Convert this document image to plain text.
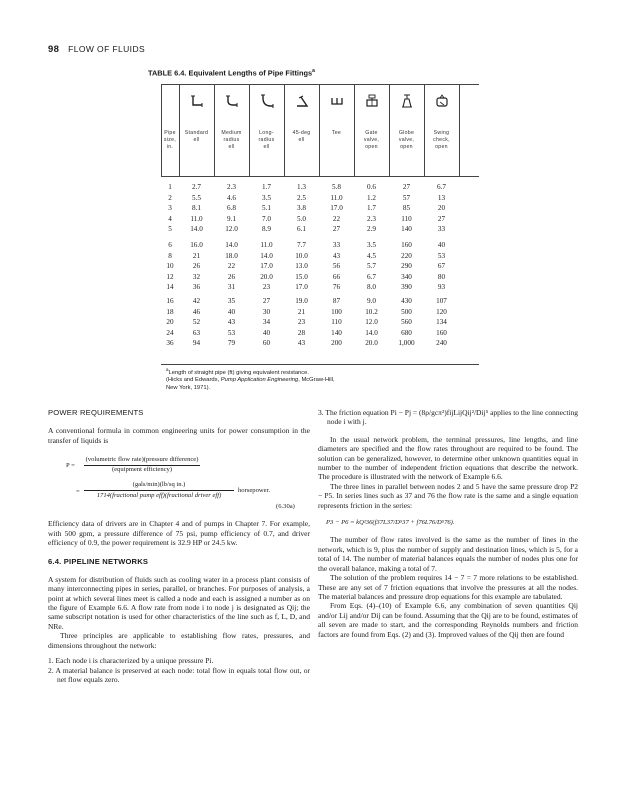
98 FLOW OF FLUIDS
TABLE 6.4. Equivalent Lengths of Pipe Fittings$^a$
Pipe
size,
in.
Standard
ell
Medium
radius
ell
Long-
radius
ell
45-deg
ell
Tee	Gate
valve,
open
Globe
valve,
open
Swing
check,
open
1	2.7	2.3	1.7	1.3	5.8	0.6	27	6.7
2	5.5	4.6	3.5	2.5	11.0	1.2	57	13
3	8.1	6.8	5.1	3.8	17.0	1.7	85	20
4	11.0	9.1	7.0	5.0	22	2.3	110	27
5	14.0	12.0	8.9	6.1	27	2.9	140	33
6	16.0	14.0	11.0	7.7	33	3.5	160	40
8	21	18.0	14.0	10.0	43	4.5	220	53
10	26	22	17.0	13.0	56	5.7	290	67
12	32	26	20.0	15.0	66	6.7	340	80
14	36	31	23	17.0	76	8.0	390	93
16	42	35	27	19.0	87	9.0	430	107
18	46	40	30	21	100	10.2	500	120
20	52	43	34	23	110	12.0	560	134
24	63	53	40	28	140	14.0	680	160
36	94	79	60	43	200	20.0	1,000	240
$^a$Length of straight pipe (ft) giving equivalent resistance.
(Hicks and Edwards, Pump Application Engineering, McGraw-Hill,
New York, 1971).
POWER REQUIREMENTS
A conventional formula in common engineering units for power consumption in the transfer of liquids is
P =
(volumetric flow rate)(pressure difference)
(equipment efficiency)
=
(gals/min)(lb/sq in.)
1714(fractional pump eff)(fractional driver eff)
horsepower.
(6.30a)
Efficiency data of drivers are in Chapter 4 and of pumps in Chapter 7. For example, with 500 gpm, a pressure difference of 75 psi, pump efficiency of 0.7, and driver efficiency of 0.9, the power requirement is 32.9 HP or 24.5 kw.
6.4. PIPELINE NETWORKS
A system for distribution of fluids such as cooling water in a process plant consists of many interconnecting pipes in series, parallel, or branches. For purposes of analysis, a point at which several lines meet is called a node and each is assigned a number as on the figure of Example 6.6. A flow rate from node i to node j is designated as Qij; the same subscript notation is used for other characteristics of the line such as f, L, D, and NRe.
Three principles are applicable to establishing flow rates, pressures, and dimensions throughout the network:
1. Each node i is characterized by a unique pressure Pi.
2. A material balance is preserved at each node: total flow in equals total flow out, or net flow equals zero.
3. The friction equation Pi − Pj = (8ρ/gcπ²)fijLijQij²/Dij⁵ applies to the line connecting node i with j.
In the usual network problem, the terminal pressures, line lengths, and line diameters are specified and the flow rates throughout are required to be found. The solution can be generalized, however, to determine other unknown quantities equal in number to the number of independent friction equations that describe the network. The procedure is illustrated with the network of Example 6.6.
The three lines in parallel between nodes 2 and 5 have the same pressure drop P2 − P5. In series lines such as 37 and 76 the flow rate is the same and a single equation represents friction in the series:
P3 − P6 = kQ²36(f37L37/D⁵37 + f76L76/D⁵76).
The number of flow rates involved is the same as the number of lines in the network, which is 9, plus the number of supply and destination lines, which is 5, for a total of 14. The number of material balances equals the number of nodes plus one for the overall balance, making a total of 7.
The solution of the problem requires 14 − 7 = 7 more relations to be established. These are any set of 7 friction equations that involve the pressures at all the nodes. The material balances and pressure drop equations for this example are tabulated.
From Eqs. (4)–(10) of Example 6.6, any combination of seven quantities Qij and/or Lij and/or Dij can be found. Assuming that the Qij are to be found, estimates of all seven are made to start, and the corresponding Reynolds numbers and friction factors are found from Eqs. (2) and (3). Improved values of the Qij then are found
